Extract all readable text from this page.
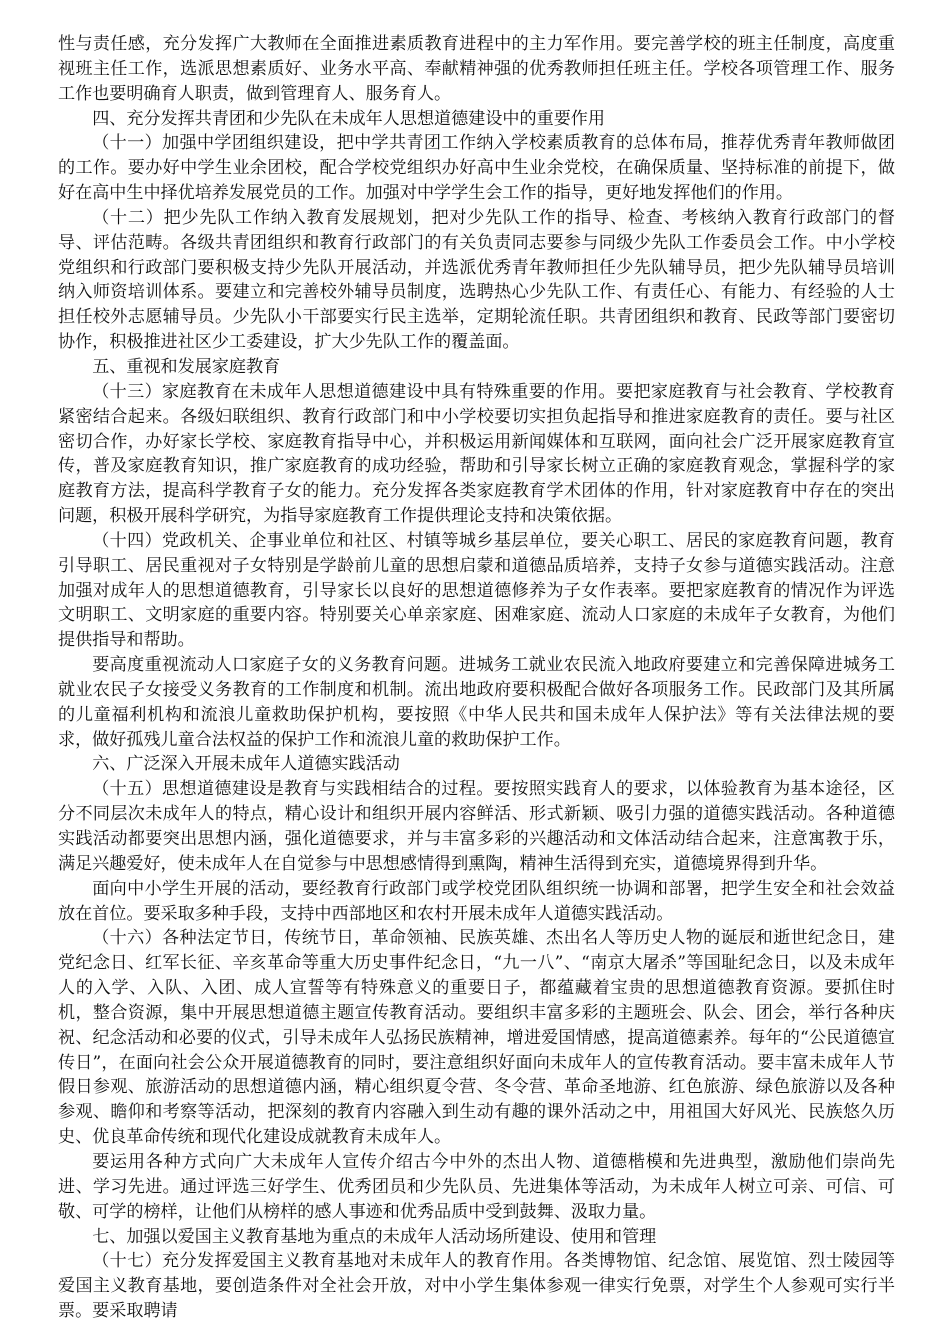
性与责任感，充分发挥广大教师在全面推进素质教育进程中的主力军作用。要完善学校的班主任制度，高度重视班主任工作，选派思想素质好、业务水平高、奉献精神强的优秀教师担任班主任。学校各项管理工作、服务工作也要明确育人职责，做到管理育人、服务育人。

四、充分发挥共青团和少先队在未成年人思想道德建设中的重要作用

（十一）加强中学团组织建设，把中学共青团工作纳入学校素质教育的总体布局，推荐优秀青年教师做团的工作。要办好中学生业余团校，配合学校党组织办好高中生业余党校，在确保质量、坚持标准的前提下，做好在高中生中择优培养发展党员的工作。加强对中学学生会工作的指导，更好地发挥他们的作用。

（十二）把少先队工作纳入教育发展规划，把对少先队工作的指导、检查、考核纳入教育行政部门的督导、评估范畴。各级共青团组织和教育行政部门的有关负责同志要参与同级少先队工作委员会工作。中小学校党组织和行政部门要积极支持少先队开展活动，并选派优秀青年教师担任少先队辅导员，把少先队辅导员培训纳入师资培训体系。要建立和完善校外辅导员制度，选聘热心少先队工作、有责任心、有能力、有经验的人士担任校外志愿辅导员。少先队小干部要实行民主选举，定期轮流任职。共青团组织和教育、民政等部门要密切协作，积极推进社区少工委建设，扩大少先队工作的覆盖面。

五、重视和发展家庭教育

（十三）家庭教育在未成年人思想道德建设中具有特殊重要的作用。要把家庭教育与社会教育、学校教育紧密结合起来。各级妇联组织、教育行政部门和中小学校要切实担负起指导和推进家庭教育的责任。要与社区密切合作，办好家长学校、家庭教育指导中心，并积极运用新闻媒体和互联网，面向社会广泛开展家庭教育宣传，普及家庭教育知识，推广家庭教育的成功经验，帮助和引导家长树立正确的家庭教育观念，掌握科学的家庭教育方法，提高科学教育子女的能力。充分发挥各类家庭教育学术团体的作用，针对家庭教育中存在的突出问题，积极开展科学研究，为指导家庭教育工作提供理论支持和决策依据。

（十四）党政机关、企事业单位和社区、村镇等城乡基层单位，要关心职工、居民的家庭教育问题，教育引导职工、居民重视对子女特别是学龄前儿童的思想启蒙和道德品质培养，支持子女参与道德实践活动。注意加强对成年人的思想道德教育，引导家长以良好的思想道德修养为子女作表率。要把家庭教育的情况作为评选文明职工、文明家庭的重要内容。特别要关心单亲家庭、困难家庭、流动人口家庭的未成年子女教育，为他们提供指导和帮助。

要高度重视流动人口家庭子女的义务教育问题。进城务工就业农民流入地政府要建立和完善保障进城务工就业农民子女接受义务教育的工作制度和机制。流出地政府要积极配合做好各项服务工作。民政部门及其所属的儿童福利机构和流浪儿童救助保护机构，要按照《中华人民共和国未成年人保护法》等有关法律法规的要求，做好孤残儿童合法权益的保护工作和流浪儿童的救助保护工作。

六、广泛深入开展未成年人道德实践活动

（十五）思想道德建设是教育与实践相结合的过程。要按照实践育人的要求，以体验教育为基本途径，区分不同层次未成年人的特点，精心设计和组织开展内容鲜活、形式新颖、吸引力强的道德实践活动。各种道德实践活动都要突出思想内涵，强化道德要求，并与丰富多彩的兴趣活动和文体活动结合起来，注意寓教于乐，满足兴趣爱好，使未成年人在自觉参与中思想感情得到熏陶，精神生活得到充实，道德境界得到升华。

面向中小学生开展的活动，要经教育行政部门或学校党团队组织统一协调和部署，把学生安全和社会效益放在首位。要采取多种手段，支持中西部地区和农村开展未成年人道德实践活动。

（十六）各种法定节日，传统节日，革命领袖、民族英雄、杰出名人等历史人物的诞辰和逝世纪念日，建党纪念日、红军长征、辛亥革命等重大历史事件纪念日，“九一八”、“南京大屠杀”等国耻纪念日，以及未成年人的入学、入队、入团、成人宣誓等有特殊意义的重要日子，都蕴藏着宝贵的思想道德教育资源。要抓住时机，整合资源，集中开展思想道德主题宣传教育活动。要组织丰富多彩的主题班会、队会、团会，举行各种庆祝、纪念活动和必要的仪式，引导未成年人弘扬民族精神，增进爱国情感，提高道德素养。每年的“公民道德宣传日”，在面向社会公众开展道德教育的同时，要注意组织好面向未成年人的宣传教育活动。要丰富未成年人节假日参观、旅游活动的思想道德内涵，精心组织夏令营、冬令营、革命圣地游、红色旅游、绿色旅游以及各种参观、瞻仰和考察等活动，把深刻的教育内容融入到生动有趣的课外活动之中，用祖国大好风光、民族悠久历史、优良革命传统和现代化建设成就教育未成年人。

要运用各种方式向广大未成年人宣传介绍古今中外的杰出人物、道德楷模和先进典型，激励他们崇尚先进、学习先进。通过评选三好学生、优秀团员和少先队员、先进集体等活动，为未成年人树立可亲、可信、可敬、可学的榜样，让他们从榜样的感人事迹和优秀品质中受到鼓舞、汲取力量。

七、加强以爱国主义教育基地为重点的未成年人活动场所建设、使用和管理

（十七）充分发挥爱国主义教育基地对未成年人的教育作用。各类博物馆、纪念馆、展览馆、烈士陵园等爱国主义教育基地，要创造条件对全社会开放，对中小学生集体参观一律实行免票，对学生个人参观可实行半票。要采取聘请
